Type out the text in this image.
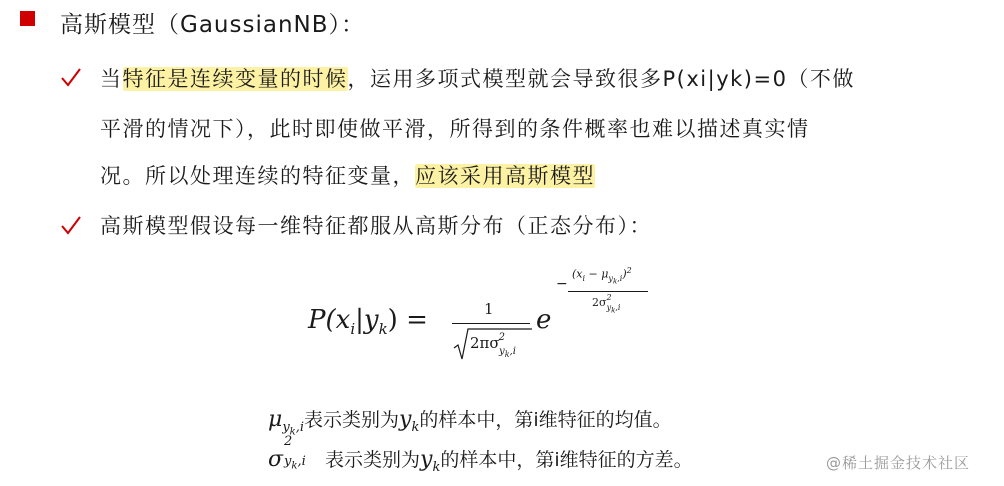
高斯模型（GaussianNB）：
当特征是连续变量的时候，运用多项式模型就会导致很多P(xi|yk)=0（不做
平滑的情况下），此时即使做平滑，所得到的条件概率也难以描述真实情
况。所以处理连续的特征变量，应该采用高斯模型
高斯模型假设每一维特征都服从高斯分布（正态分布）：
$P(x_i|y_k)$ =	1
$2\pi\sigma^2_{y_k,i}$
e
−
$(x_i - \mu_{y_k,i})^2$
$2\sigma^2_{y_k,i}$
$\mu_{y_k,i}$表示类别为$y_k$的样本中，第i维特征的均值。
σ
2
$y_k,i$ 表示类别为$y_k$的样本中，第i维特征的方差。	@稀土掘金技术社区
